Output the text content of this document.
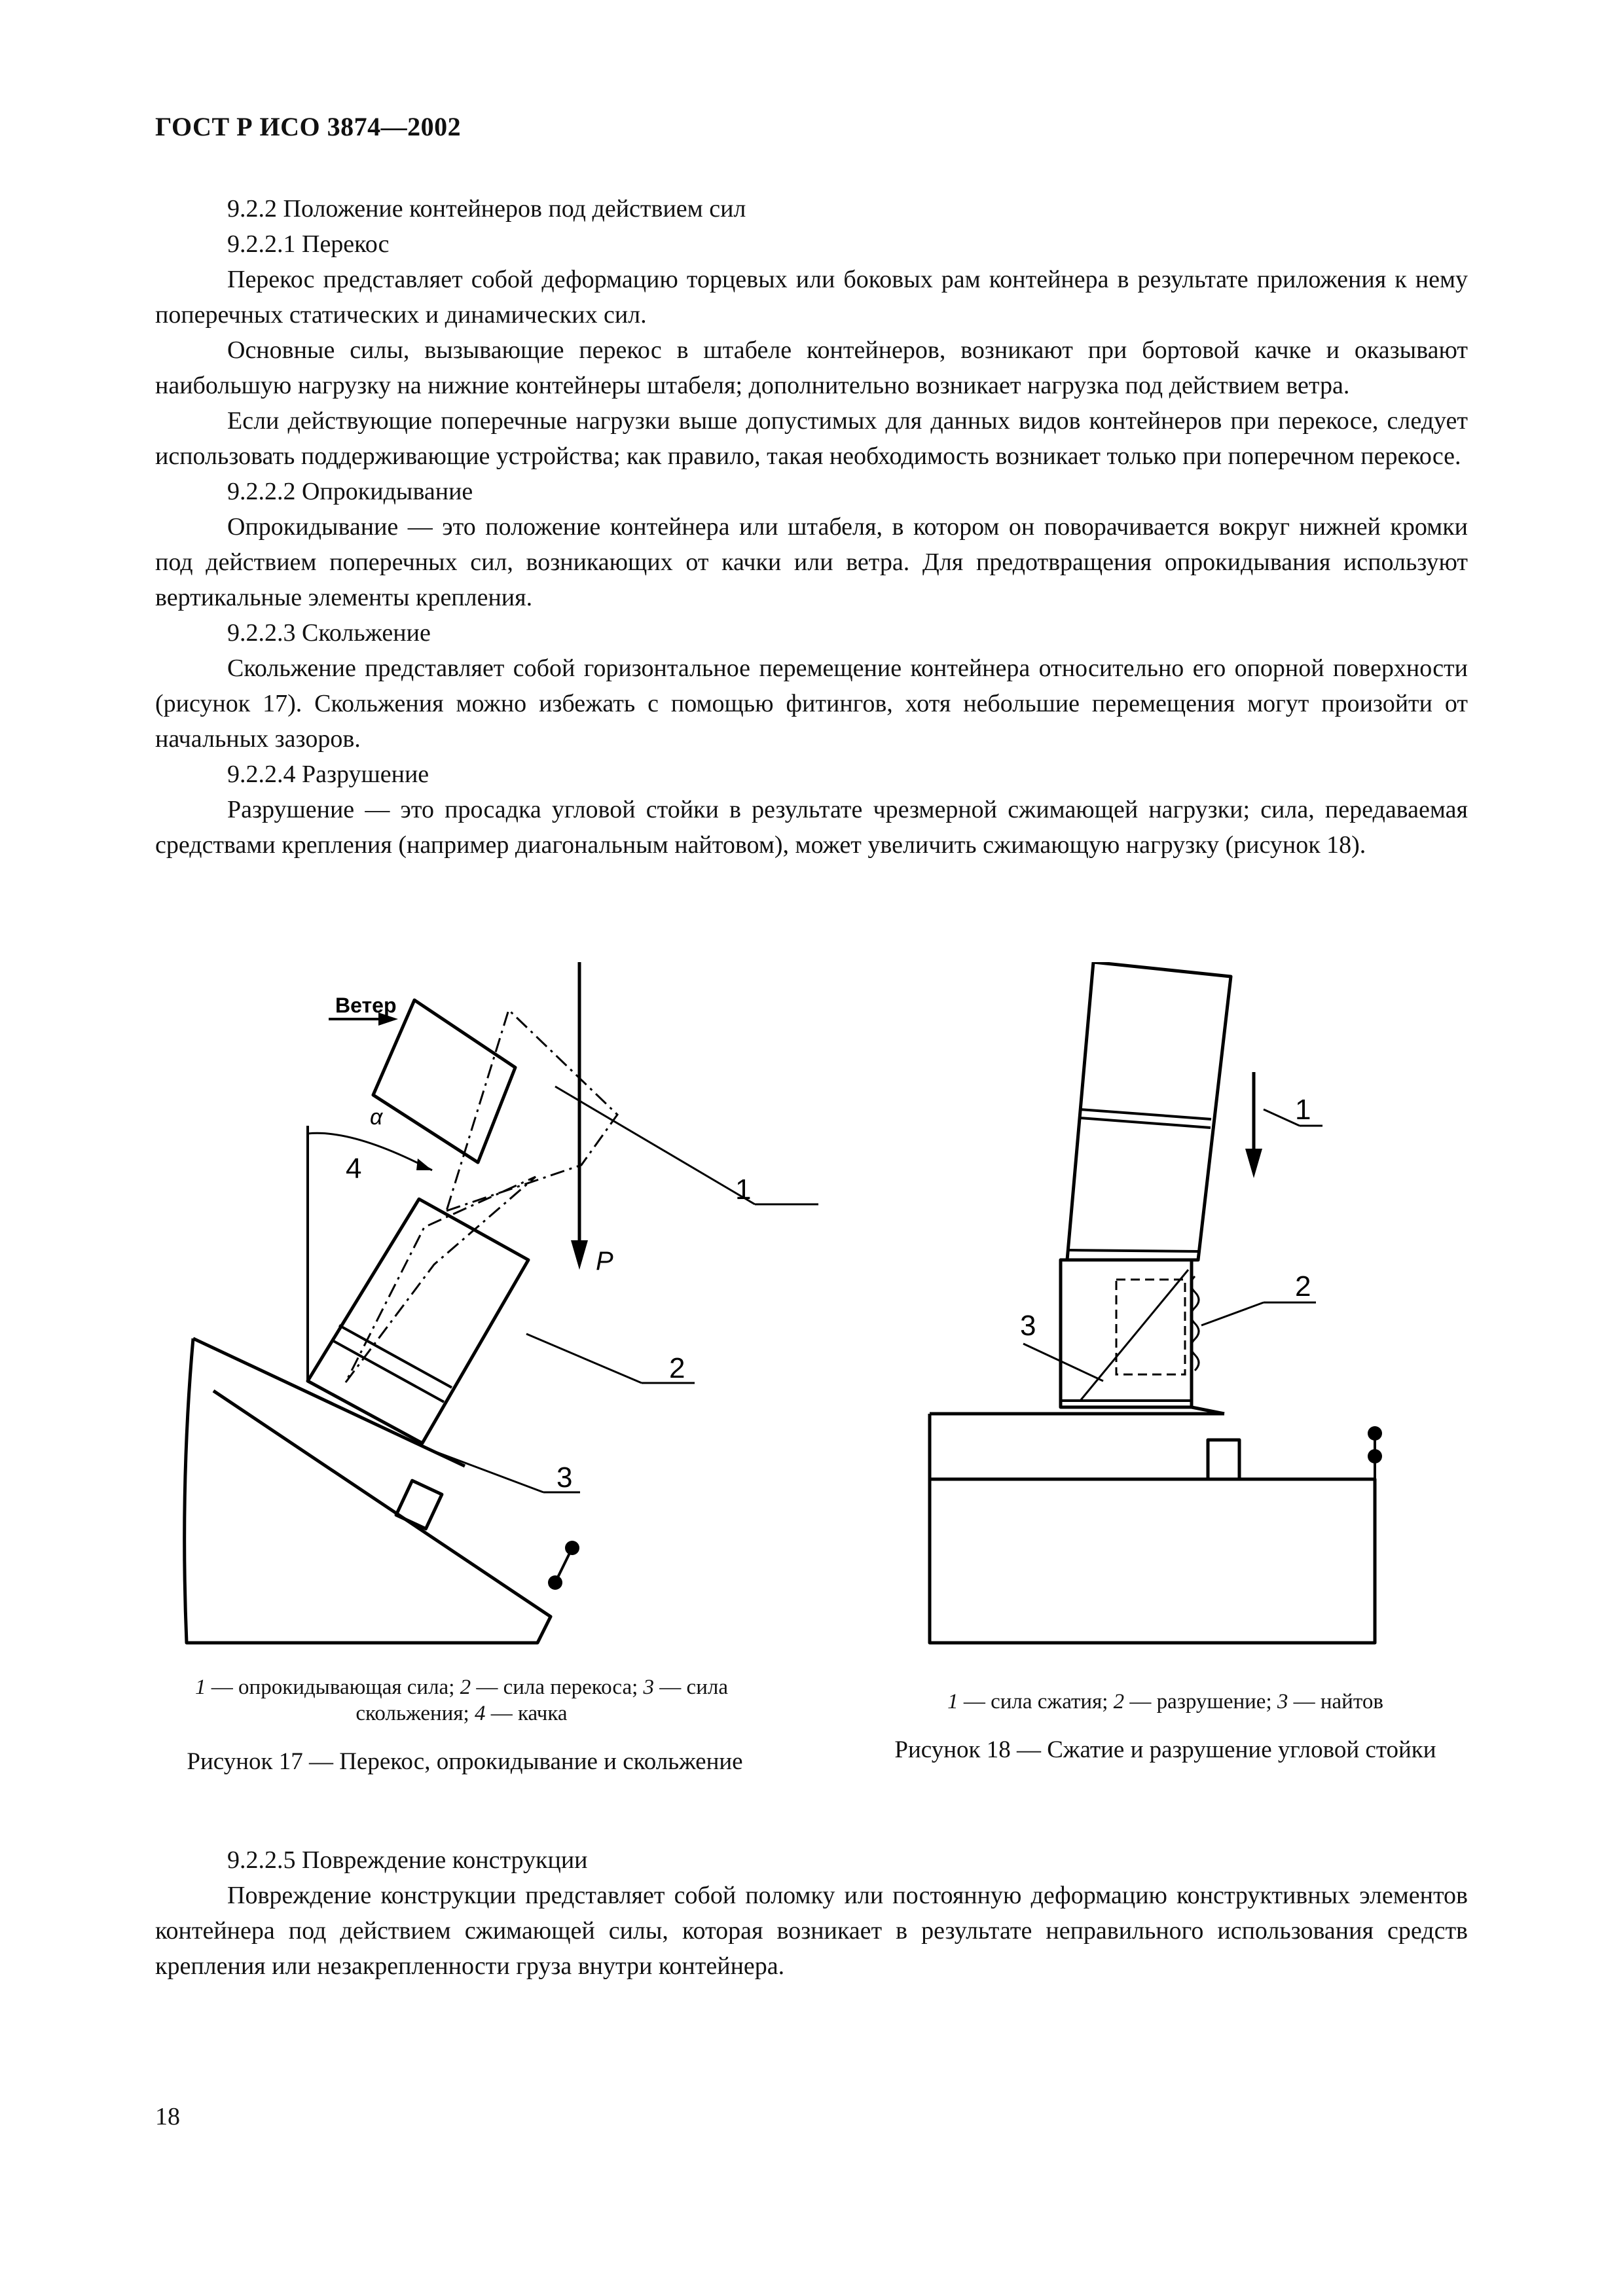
ГОСТ Р ИСО 3874—2002

9.2.2 Положение контейнеров под действием сил

9.2.2.1 Перекос

Перекос представляет собой деформацию торцевых или боковых рам контейнера в результате приложения к нему поперечных статических и динамических сил.

Основные силы, вызывающие перекос в штабеле контейнеров, возникают при бортовой качке и оказывают наибольшую нагрузку на нижние контейнеры штабеля; дополнительно возникает нагрузка под действием ветра.

Если действующие поперечные нагрузки выше допустимых для данных видов контейнеров при перекосе, следует использовать поддерживающие устройства; как правило, такая необходимость возникает только при поперечном перекосе.

9.2.2.2 Опрокидывание

Опрокидывание — это положение контейнера или штабеля, в котором он поворачивается вокруг нижней кромки под действием поперечных сил, возникающих от качки или ветра. Для предотвращения опрокидывания используют вертикальные элементы крепления.

9.2.2.3 Скольжение

Скольжение представляет собой горизонтальное перемещение контейнера относительно его опорной поверхности (рисунок 17). Скольжения можно избежать с помощью фитингов, хотя небольшие перемещения могут произойти от начальных зазоров.

9.2.2.4 Разрушение

Разрушение — это просадка угловой стойки в результате чрезмерной сжимающей нагрузки; сила, передаваемая средствами крепления (например диагональным найтовом), может увеличить сжимающую нагрузку (рисунок 18).

Ветер
α
4
P
1
2
3
1 — опрокидывающая сила; 2 — сила перекоса; 3 — сила скольжения; 4 — качка
Рисунок 17 — Перекос, опрокидывание и скольжение
1
2
3
1 — сила сжатия; 2 — разрушение; 3 — найтов
Рисунок 18 — Сжатие и разрушение угловой стойки

9.2.2.5 Повреждение конструкции

Повреждение конструкции представляет собой поломку или постоянную деформацию конструктивных элементов контейнера под действием сжимающей силы, которая возникает в результате неправильного использования средств крепления или незакрепленности груза внутри контейнера.

18
